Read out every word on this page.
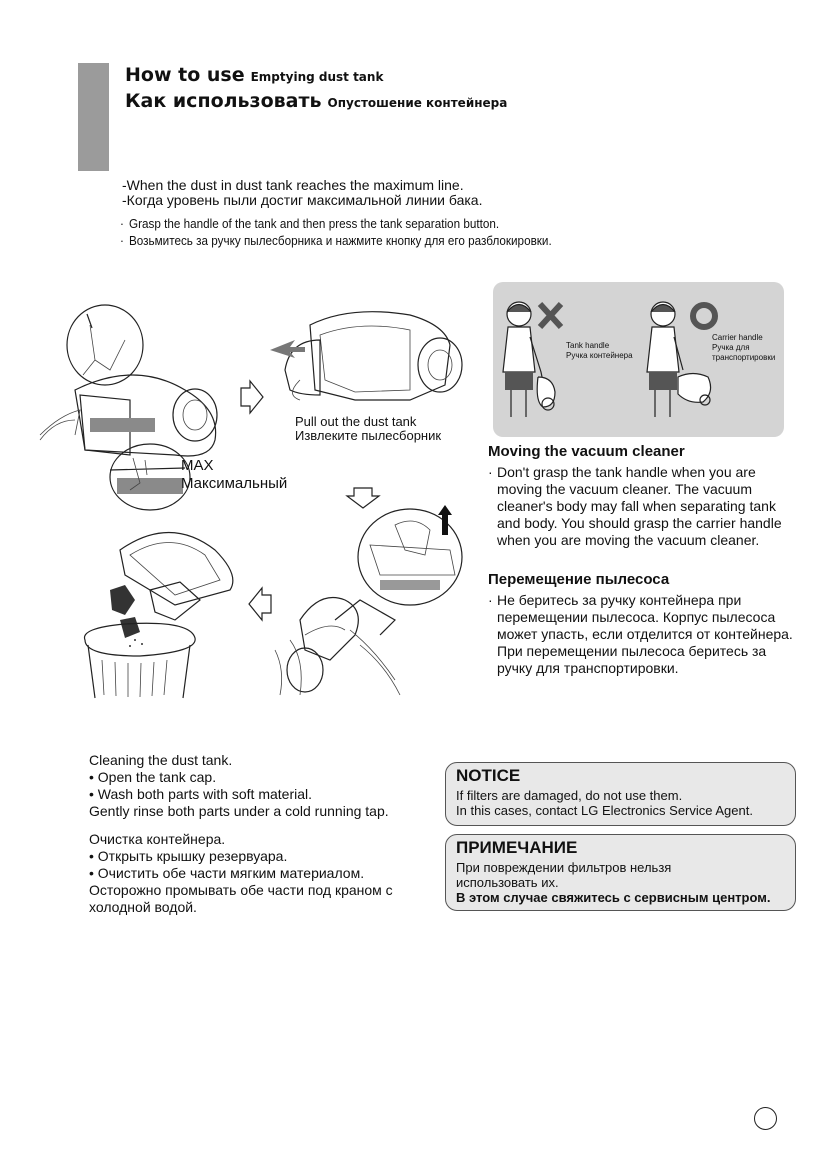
How to use Emptying dust tank
Как использовать Опустошение контейнера
-When the dust in dust tank reaches the maximum line.
-Когда уровень пыли достиг максимальной линии бака.
· Grasp the handle of the tank and then press the tank separation button.
· Возьмитесь за ручку пылесборника и нажмите кнопку для его разблокировки.
Pull out the dust tank
Извлеките пылесборник
MAX
Максимальный
Tank handle
Ручка контейнера
Carrier handle
Ручка для
транспортировки
Moving the vacuum cleaner
· Don't grasp the tank handle when you are moving the vacuum cleaner. The vacuum cleaner's body may fall when separating tank and body. You should grasp the carrier handle when you are moving the vacuum cleaner.
Перемещение пылесоса
· Не беритесь за ручку контейнера при перемещении пылесоса. Корпус пылесоса может упасть, если отделится от контейнера. При перемещении пылесоса беритесь за ручку для транспортировки.
Cleaning the dust tank.
• Open the tank cap.
• Wash both parts with soft material.
Gently rinse both parts under a cold running tap.
Очистка контейнера.
• Открыть крышку резервуара.
• Очистить обе части мягким материалом.
Осторожно промывать обе части под краном с
холодной водой.
NOTICE
If filters are damaged, do not use them.
In this cases, contact LG Electronics Service Agent.
ПРИМЕЧАНИЕ
При повреждении фильтров нельзя
использовать их.
В этом случае свяжитесь с сервисным центром.
